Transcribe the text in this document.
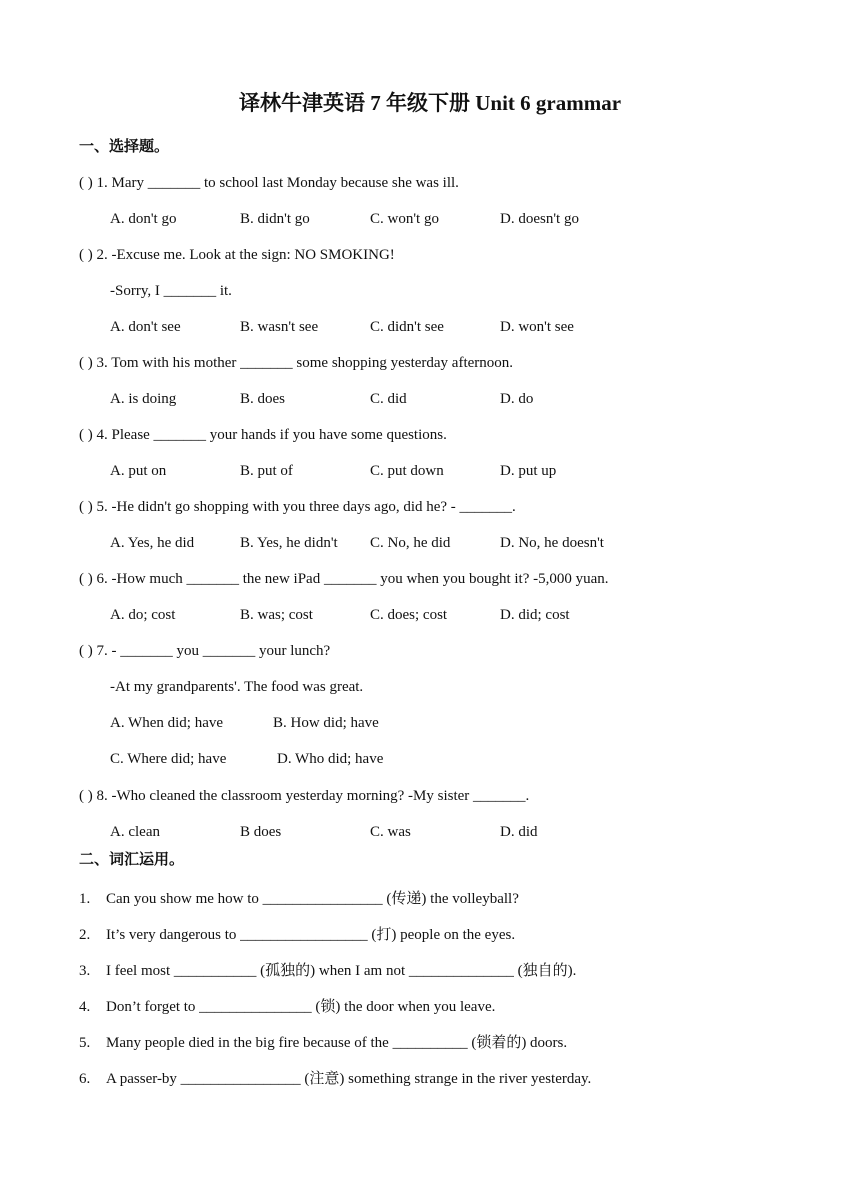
译林牛津英语 7 年级下册 Unit 6 grammar
一、选择题。
( ) 1. Mary _______ to school last Monday because she was ill.
A. don't go	B. didn't go	C. won't go	D. doesn't go
( ) 2. -Excuse me. Look at the sign: NO SMOKING!
-Sorry, I _______ it.
A. don't see	B. wasn't see	C. didn't see	D. won't see
( ) 3. Tom with his mother _______ some shopping yesterday afternoon.
A. is doing	B. does	C. did	D. do
( ) 4. Please _______ your hands if you have some questions.
A. put on	B. put of	C. put down	D. put up
( ) 5. -He didn't go shopping with you three days ago, did he? - _______.
A. Yes, he did	B. Yes, he didn't C. No, he did	D. No, he doesn't
( ) 6. -How much _______ the new iPad _______ you when you bought it? -5,000 yuan.
A. do; cost	B. was; cost	C. does; cost	D. did; cost
( ) 7. - _______ you _______ your lunch?
-At my grandparents'. The food was great.
A. When did; have	B. How did; have
C. Where did; have	D. Who did; have
( ) 8. -Who cleaned the classroom yesterday morning? -My sister _______.
A. clean	B does	C. was	D. did
二、词汇运用。
1. Can you show me how to ________________ (传递) the volleyball?
2. It’s very dangerous to _________________ (打) people on the eyes.
3. I feel most ___________ (孤独的) when I am not ______________ (独自的).
4. Don’t forget to _______________ (锁) the door when you leave.
5. Many people died in the big fire because of the __________ (锁着的) doors.
6. A passer-by ________________ (注意) something strange in the river yesterday.
